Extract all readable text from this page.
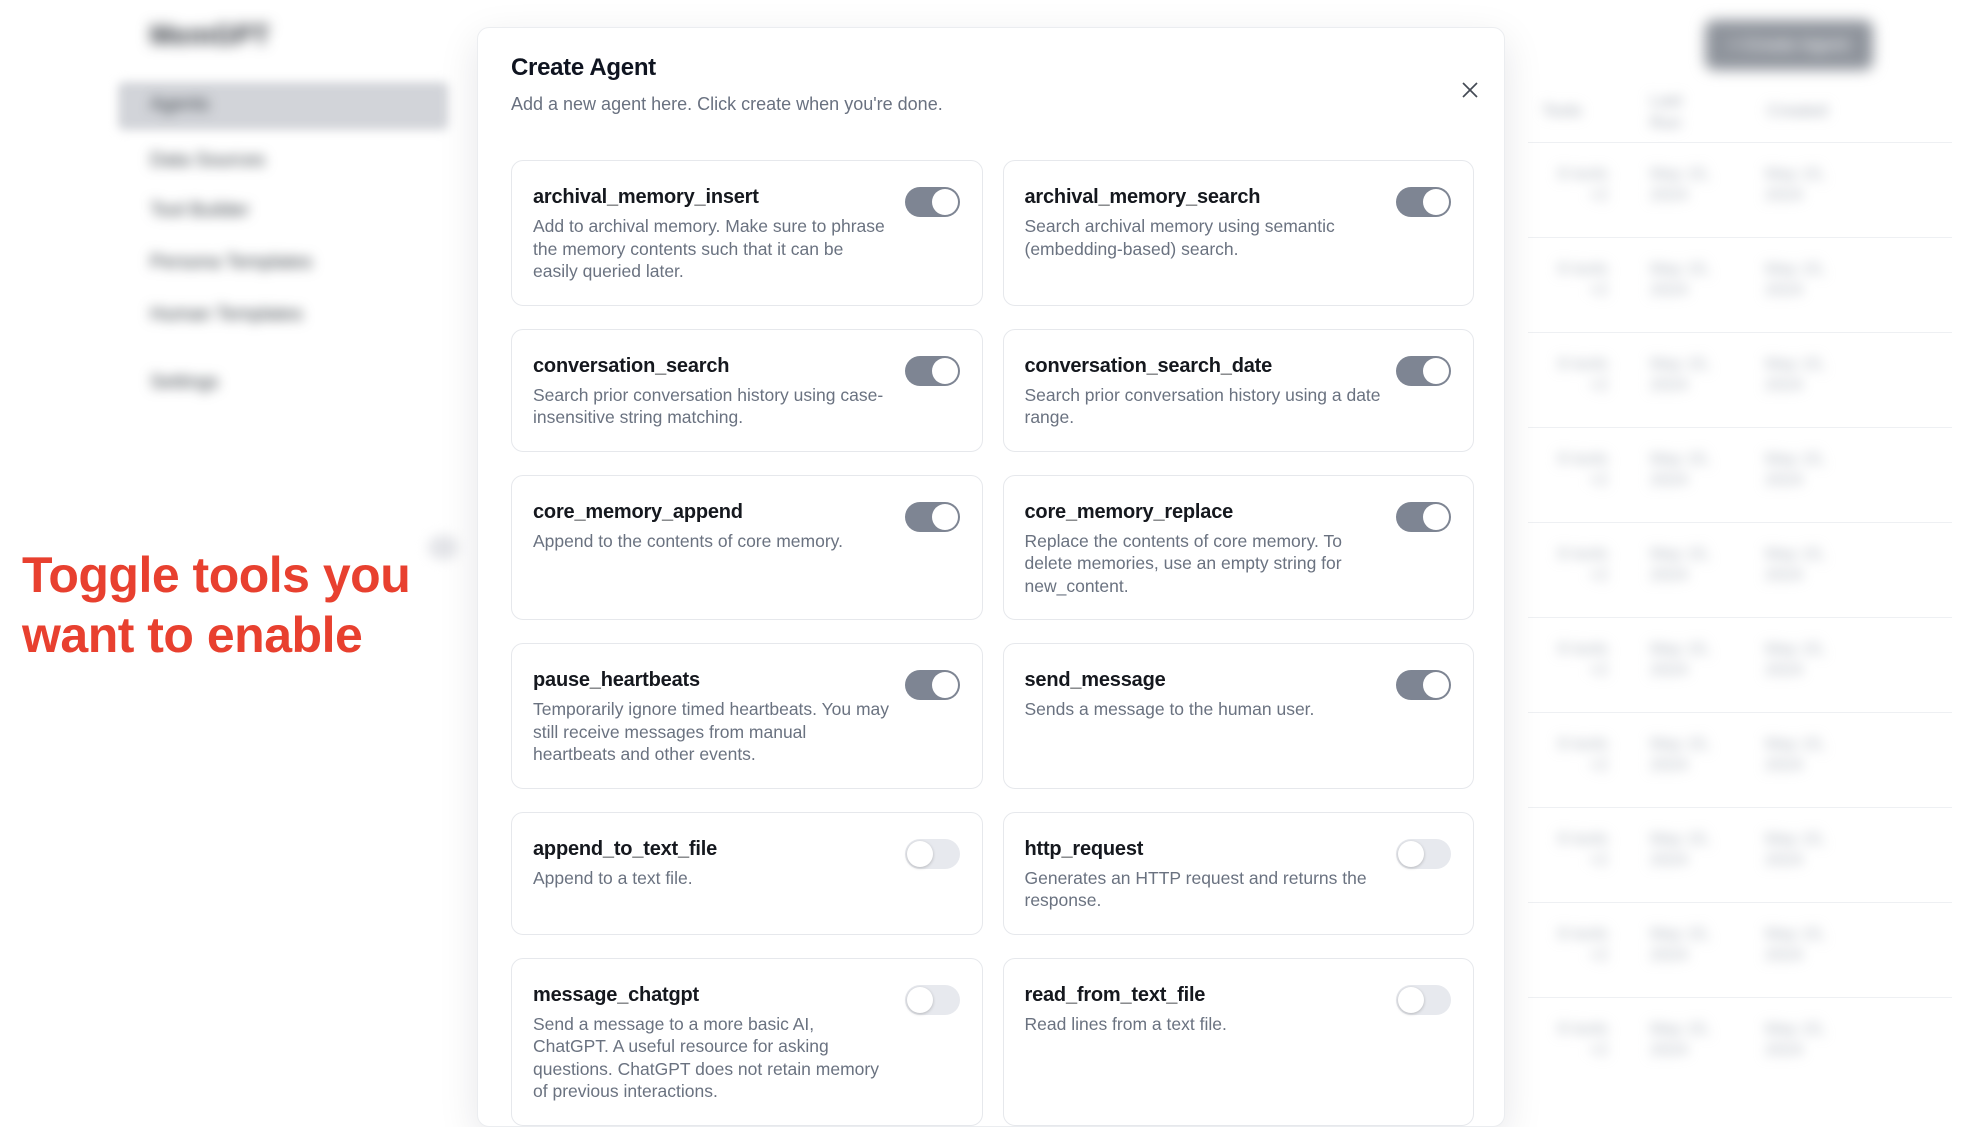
MemGPT
Agents
Data Sources
Tool Builder
Persona Templates
Human Templates
Settings
+ Create Agent
Tools
Last Run
Created
8 tools +2
May 15, 2024
May 15, 2024
8 tools +2
May 15, 2024
May 15, 2024
8 tools +2
May 15, 2024
May 15, 2024
8 tools +2
May 15, 2024
May 15, 2024
8 tools +2
May 15, 2024
May 15, 2024
8 tools +2
May 15, 2024
May 15, 2024
8 tools +2
May 15, 2024
May 15, 2024
8 tools +2
May 15, 2024
May 15, 2024
8 tools +2
May 15, 2024
May 15, 2024
8 tools +2
May 15, 2024
May 15, 2024
Toggle tools you
want to enable
Create Agent
Add a new agent here. Click create when you're done.
archival_memory_insert
Add to archival memory. Make sure to phrase the memory contents such that it can be easily queried later.
archival_memory_search
Search archival memory using semantic (embedding-based) search.
conversation_search
Search prior conversation history using case-insensitive string matching.
conversation_search_date
Search prior conversation history using a date range.
core_memory_append
Append to the contents of core memory.
core_memory_replace
Replace the contents of core memory. To delete memories, use an empty string for new_content.
pause_heartbeats
Temporarily ignore timed heartbeats. You may still receive messages from manual heartbeats and other events.
send_message
Sends a message to the human user.
append_to_text_file
Append to a text file.
http_request
Generates an HTTP request and returns the response.
message_chatgpt
Send a message to a more basic AI, ChatGPT. A useful resource for asking questions. ChatGPT does not retain memory of previous interactions.
read_from_text_file
Read lines from a text file.
